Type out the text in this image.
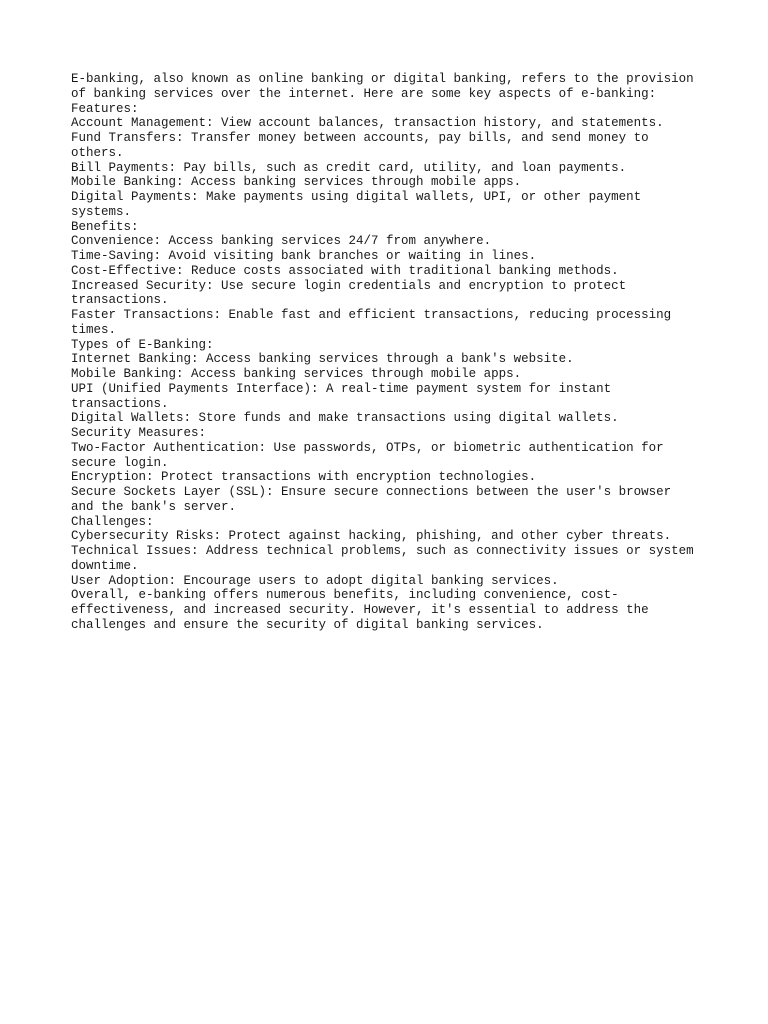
E-banking, also known as online banking or digital banking, refers to the provision
of banking services over the internet. Here are some key aspects of e-banking:
Features:
Account Management: View account balances, transaction history, and statements.
Fund Transfers: Transfer money between accounts, pay bills, and send money to
others.
Bill Payments: Pay bills, such as credit card, utility, and loan payments.
Mobile Banking: Access banking services through mobile apps.
Digital Payments: Make payments using digital wallets, UPI, or other payment
systems.
Benefits:
Convenience: Access banking services 24/7 from anywhere.
Time-Saving: Avoid visiting bank branches or waiting in lines.
Cost-Effective: Reduce costs associated with traditional banking methods.
Increased Security: Use secure login credentials and encryption to protect
transactions.
Faster Transactions: Enable fast and efficient transactions, reducing processing
times.
Types of E-Banking:
Internet Banking: Access banking services through a bank's website.
Mobile Banking: Access banking services through mobile apps.
UPI (Unified Payments Interface): A real-time payment system for instant
transactions.
Digital Wallets: Store funds and make transactions using digital wallets.
Security Measures:
Two-Factor Authentication: Use passwords, OTPs, or biometric authentication for
secure login.
Encryption: Protect transactions with encryption technologies.
Secure Sockets Layer (SSL): Ensure secure connections between the user's browser
and the bank's server.
Challenges:
Cybersecurity Risks: Protect against hacking, phishing, and other cyber threats.
Technical Issues: Address technical problems, such as connectivity issues or system
downtime.
User Adoption: Encourage users to adopt digital banking services.
Overall, e-banking offers numerous benefits, including convenience, cost-
effectiveness, and increased security. However, it's essential to address the
challenges and ensure the security of digital banking services.
